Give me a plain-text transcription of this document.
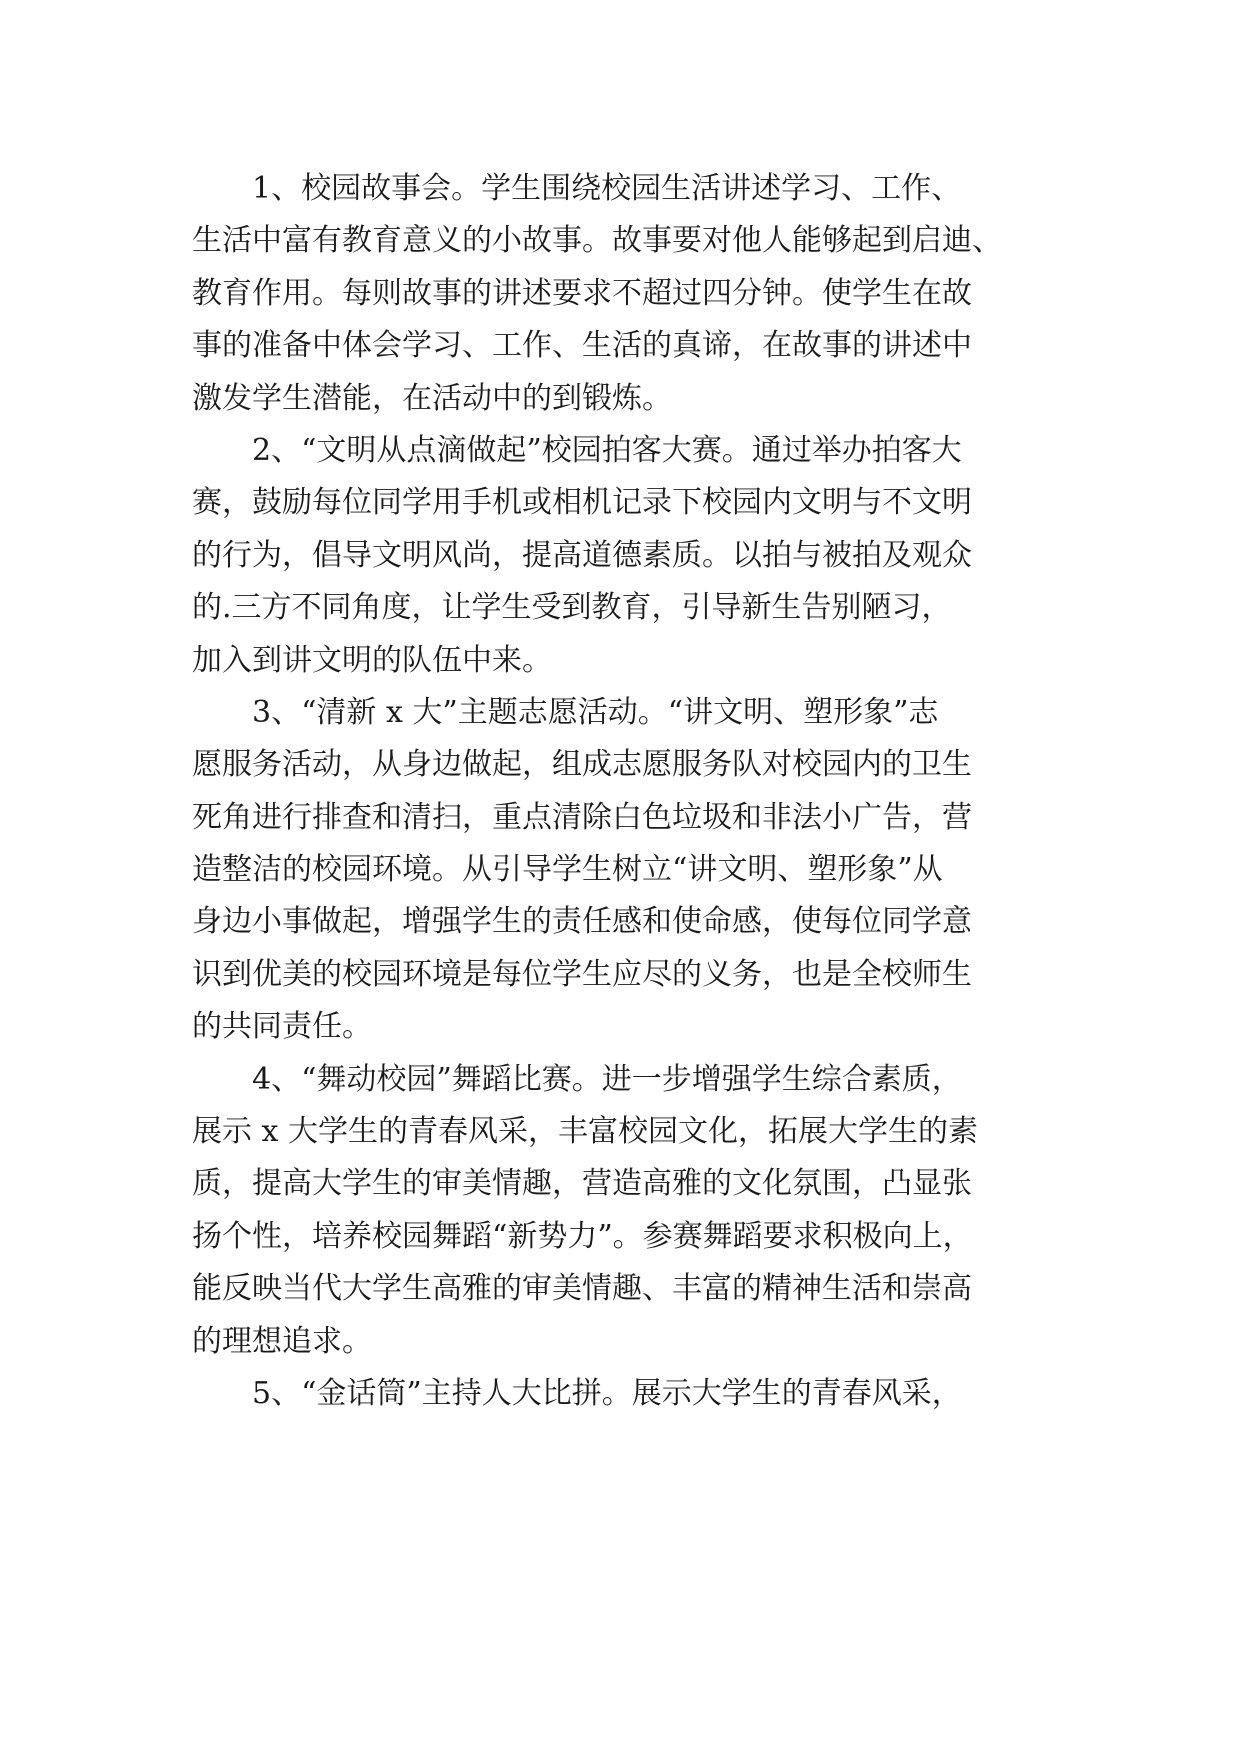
1、校园故事会。学生围绕校园生活讲述学习、工作、
生活中富有教育意义的小故事。故事要对他人能够起到启迪、
教育作用。每则故事的讲述要求不超过四分钟。使学生在故
事的准备中体会学习、工作、生活的真谛，在故事的讲述中
激发学生潜能，在活动中的到锻炼。
2、“文明从点滴做起”校园拍客大赛。通过举办拍客大
赛，鼓励每位同学用手机或相机记录下校园内文明与不文明
的行为，倡导文明风尚，提高道德素质。以拍与被拍及观众
的.三方不同角度，让学生受到教育，引导新生告别陋习，
加入到讲文明的队伍中来。
3、“清新 x 大”主题志愿活动。“讲文明、塑形象”志
愿服务活动，从身边做起，组成志愿服务队对校园内的卫生
死角进行排查和清扫，重点清除白色垃圾和非法小广告，营
造整洁的校园环境。从引导学生树立“讲文明、塑形象”从
身边小事做起，增强学生的责任感和使命感，使每位同学意
识到优美的校园环境是每位学生应尽的义务，也是全校师生
的共同责任。
4、“舞动校园”舞蹈比赛。进一步增强学生综合素质，
展示 x 大学生的青春风采，丰富校园文化，拓展大学生的素
质，提高大学生的审美情趣，营造高雅的文化氛围，凸显张
扬个性，培养校园舞蹈“新势力”。参赛舞蹈要求积极向上，
能反映当代大学生高雅的审美情趣、丰富的精神生活和崇高
的理想追求。
5、“金话筒”主持人大比拼。展示大学生的青春风采，
